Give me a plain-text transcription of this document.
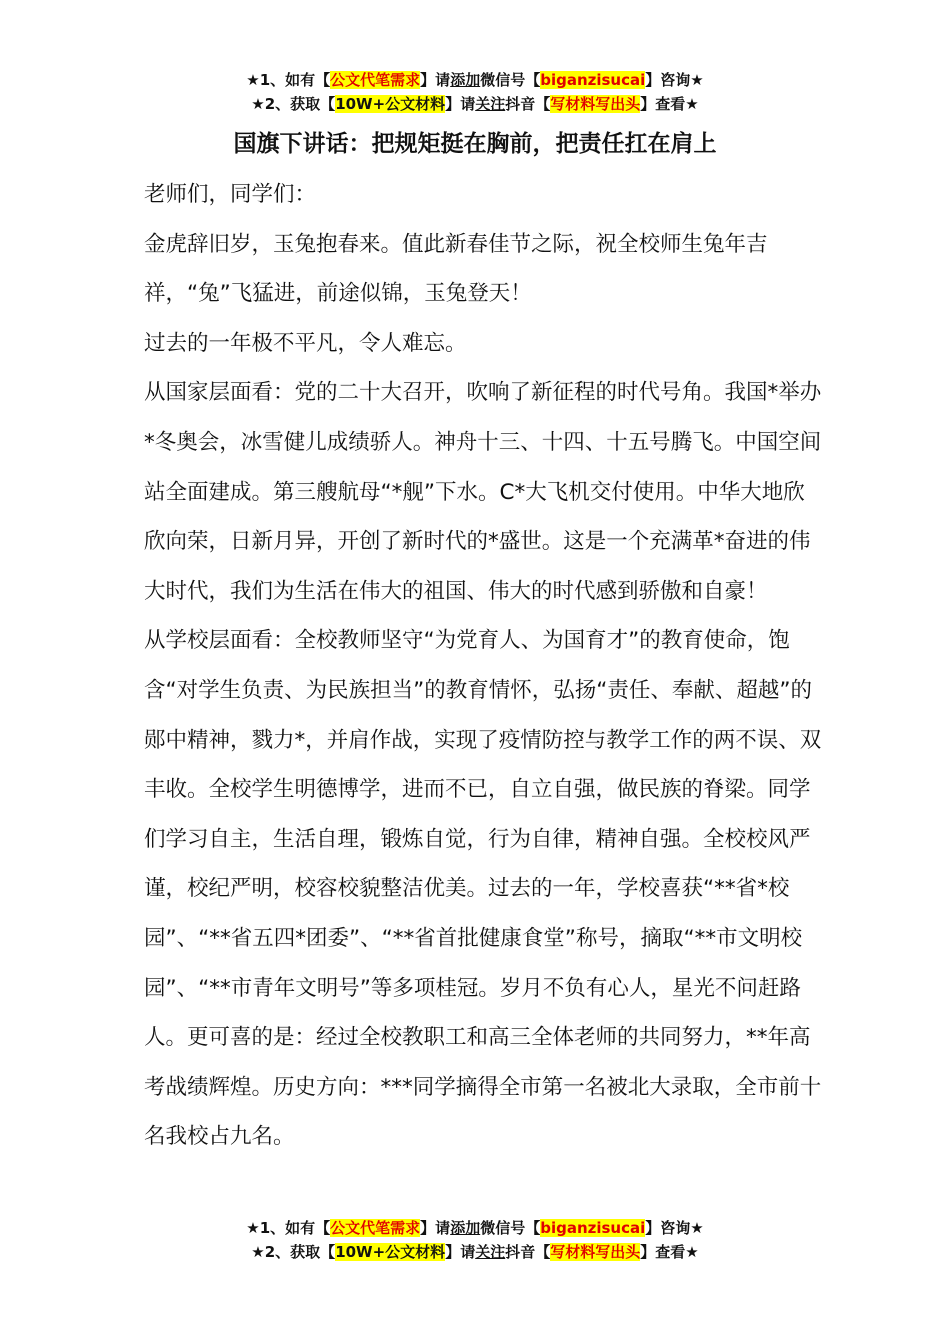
★1、如有【公文代笔需求】请添加微信号【biganzisucai】咨询★
★2、获取【10W+公文材料】请关注抖音【写材料写出头】查看★
国旗下讲话：把规矩挺在胸前，把责任扛在肩上

老师们，同学们：

金虎辞旧岁，玉兔抱春来。值此新春佳节之际，祝全校师生兔年吉祥，“兔”飞猛进，前途似锦，玉兔登天！

过去的一年极不平凡，令人难忘。

从国家层面看：党的二十大召开，吹响了新征程的时代号角。我国*举办*冬奥会，冰雪健儿成绩骄人。神舟十三、十四、十五号腾飞。中国空间站全面建成。第三艘航母“*舰”下水。C*大飞机交付使用。中华大地欣欣向荣，日新月异，开创了新时代的*盛世。这是一个充满革*奋进的伟大时代，我们为生活在伟大的祖国、伟大的时代感到骄傲和自豪！

从学校层面看：全校教师坚守“为党育人、为国育才”的教育使命，饱含“对学生负责、为民族担当”的教育情怀，弘扬“责任、奉献、超越”的郧中精神，戮力*，并肩作战，实现了疫情防控与教学工作的两不误、双丰收。全校学生明德博学，进而不已，自立自强，做民族的脊梁。同学们学习自主，生活自理，锻炼自觉，行为自律，精神自强。全校校风严谨，校纪严明，校容校貌整洁优美。过去的一年，学校喜获“**省*校园”、“**省五四*团委”、“**省首批健康食堂”称号，摘取“**市文明校园”、“**市青年文明号”等多项桂冠。岁月不负有心人，星光不问赶路人。更可喜的是：经过全校教职工和高三全体老师的共同努力，**年高考战绩辉煌。历史方向：***同学摘得全市第一名被北大录取，全市前十名我校占九名。

★1、如有【公文代笔需求】请添加微信号【biganzisucai】咨询★
★2、获取【10W+公文材料】请关注抖音【写材料写出头】查看★
